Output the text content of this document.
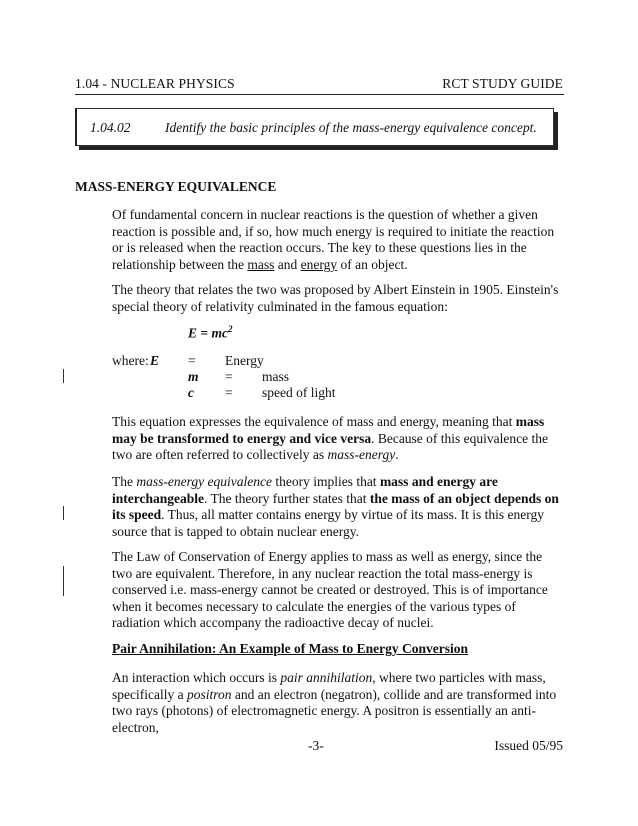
1.04 - NUCLEAR PHYSICS	RCT STUDY GUIDE
1.04.02	Identify the basic principles of the mass-energy equivalence concept.
MASS-ENERGY EQUIVALENCE
Of fundamental concern in nuclear reactions is the question of whether a given reaction is possible and, if so, how much energy is required to initiate the reaction or is released when the reaction occurs. The key to these questions lies in the relationship between the mass and energy of an object.
The theory that relates the two was proposed by Albert Einstein in 1905. Einstein's special theory of relativity culminated in the famous equation:
$E = mc^2$
where: E = Energy
m = mass
c = speed of light
This equation expresses the equivalence of mass and energy, meaning that mass may be transformed to energy and vice versa. Because of this equivalence the two are often referred to collectively as mass-energy.
The mass-energy equivalence theory implies that mass and energy are interchangeable. The theory further states that the mass of an object depends on its speed. Thus, all matter contains energy by virtue of its mass. It is this energy source that is tapped to obtain nuclear energy.
The Law of Conservation of Energy applies to mass as well as energy, since the two are equivalent. Therefore, in any nuclear reaction the total mass-energy is conserved i.e. mass-energy cannot be created or destroyed. This is of importance when it becomes necessary to calculate the energies of the various types of radiation which accompany the radioactive decay of nuclei.
Pair Annihilation: An Example of Mass to Energy Conversion
An interaction which occurs is pair annihilation, where two particles with mass, specifically a positron and an electron (negatron), collide and are transformed into two rays (photons) of electromagnetic energy. A positron is essentially an anti-electron,
-3-	Issued 05/95
